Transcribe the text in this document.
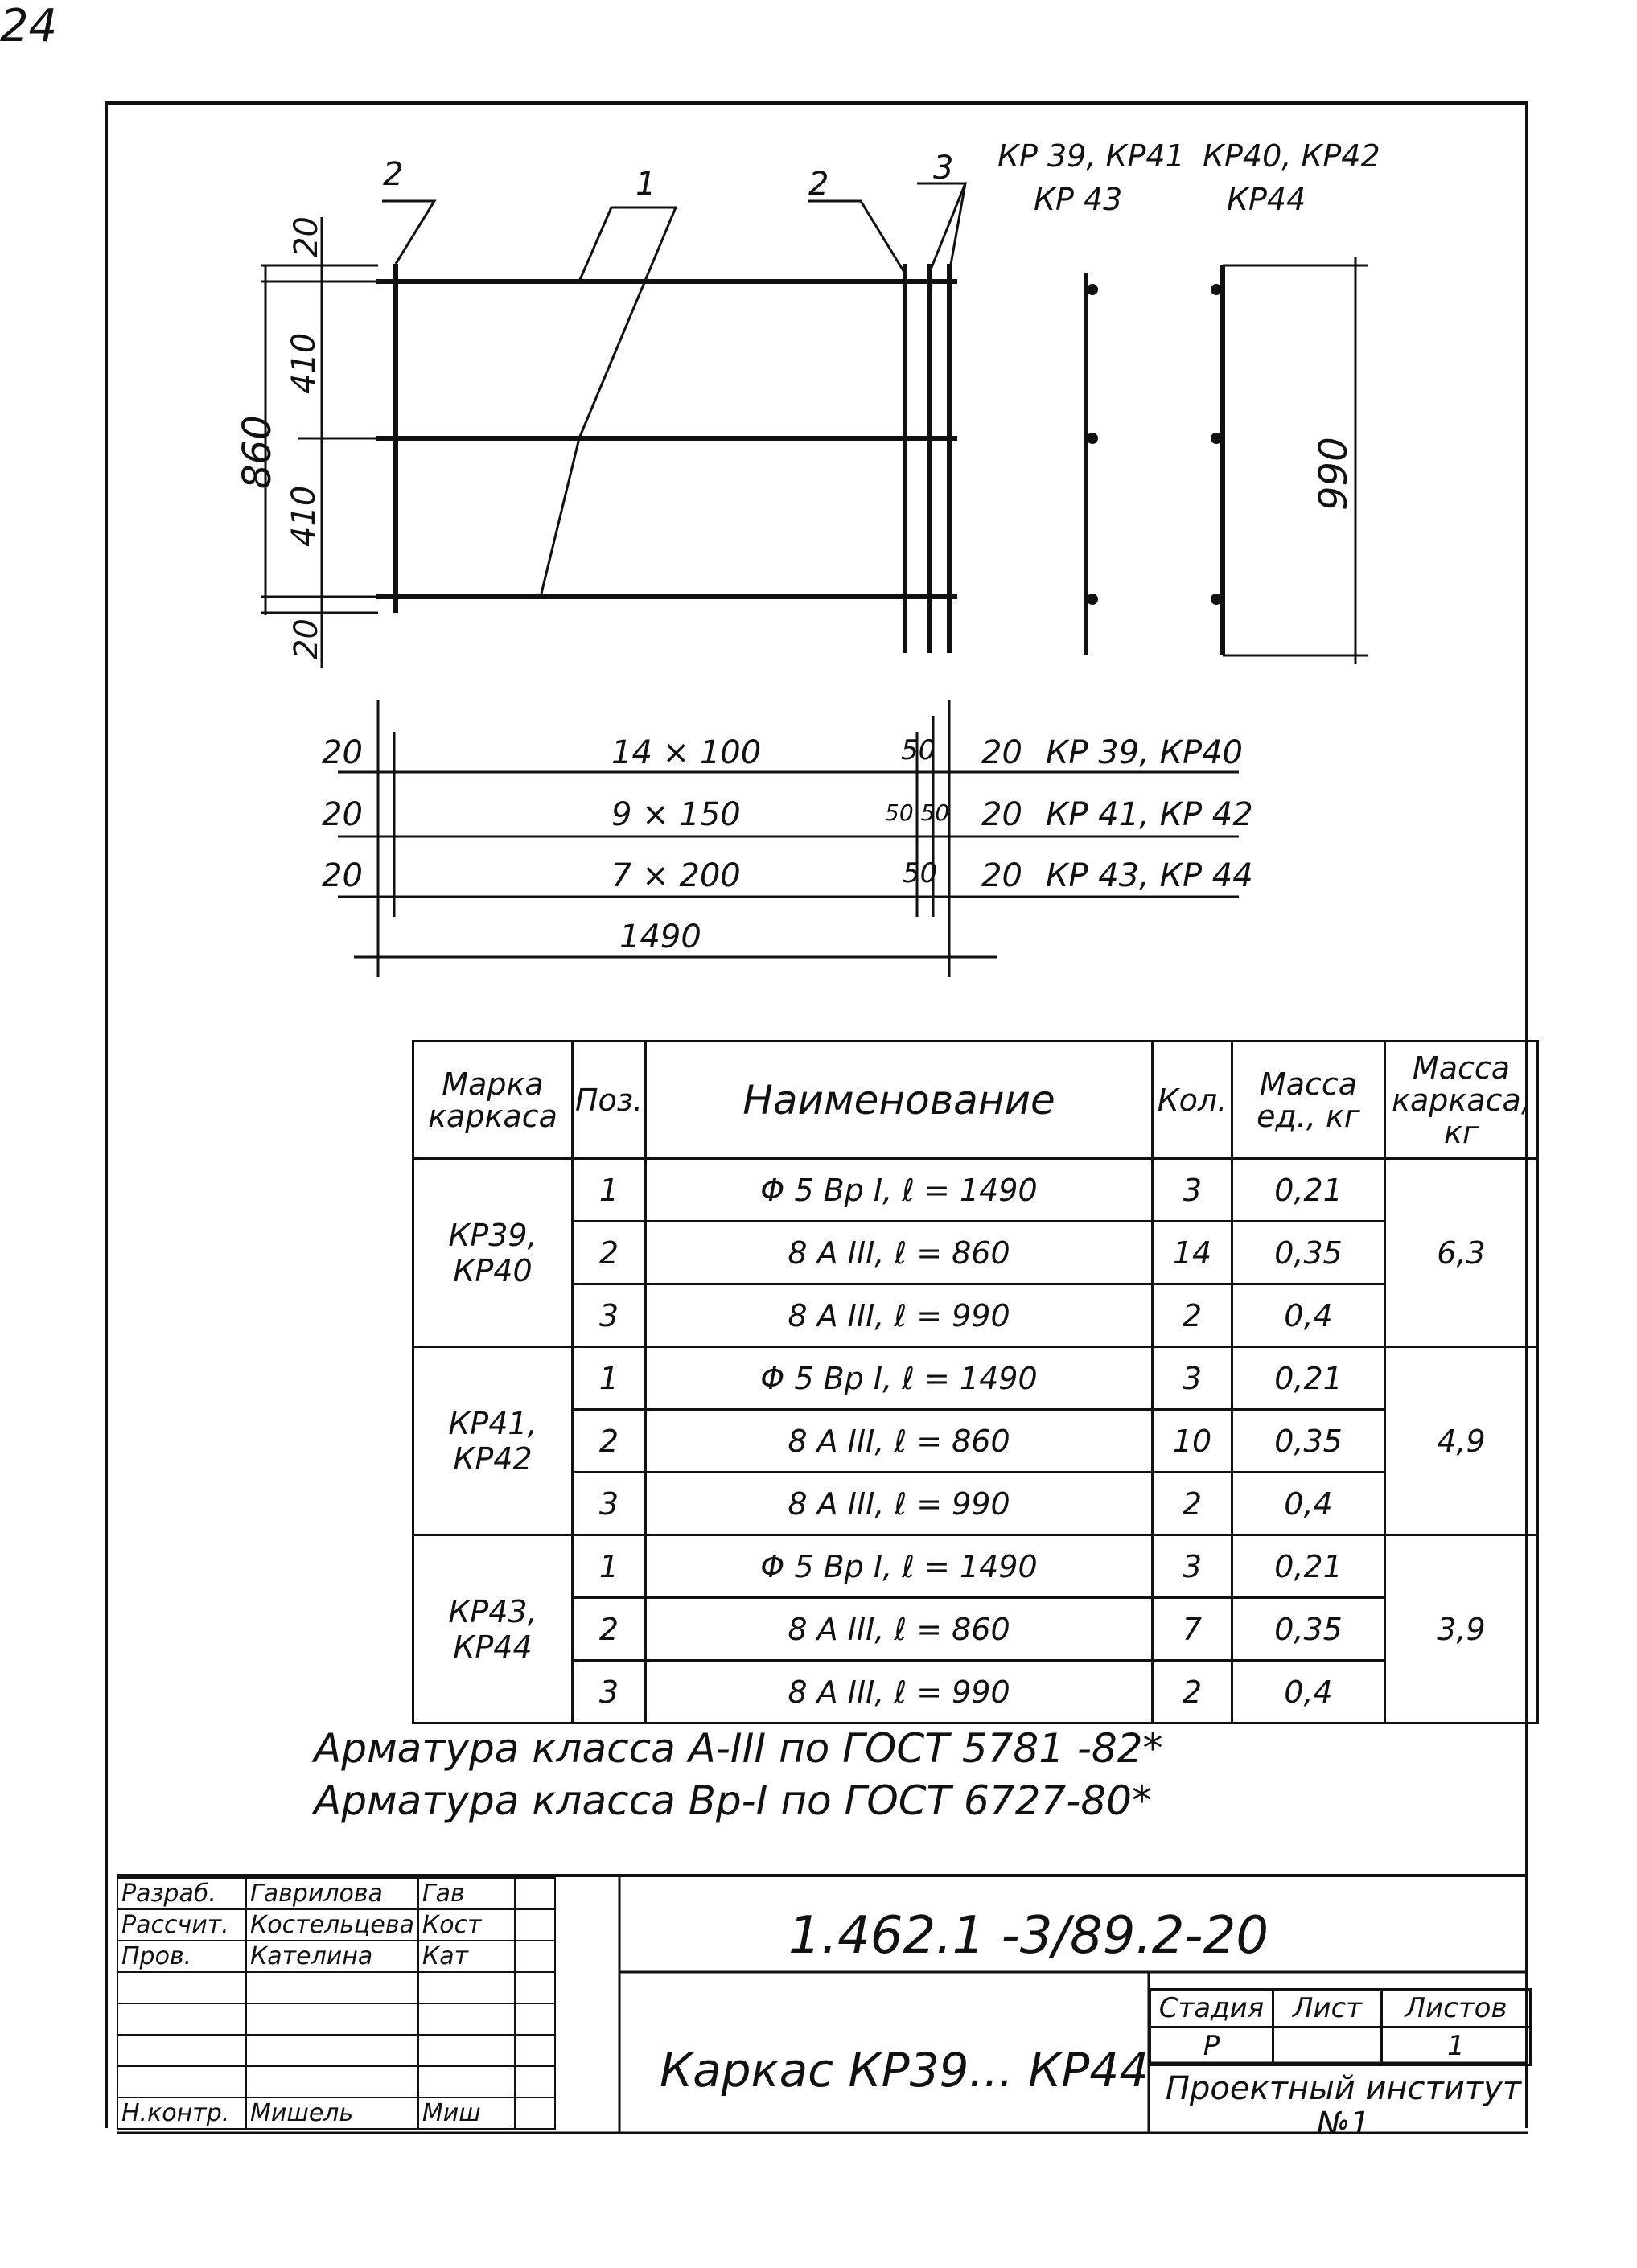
24
2	1	2	3 КР 39, КР41
КР 43
КР40, КР42
КР44
20
410
410
20
860	990
20	14 × 100	50 20 КР 39, КР40
20	9 × 150	50 50 20 КР 41, КР 42
20	7 × 200	50 20 КР 43, КР 44
1490
Марка каркаса	Поз.	Наименование	Кол.	Масса ед., кг	Масса каркаса, кг
КР39, КР40	1	Φ 5 Вр I, ℓ = 1490	3	0,21	6,3
	2	8 А III, ℓ = 860	14	0,35	
	3	8 А III, ℓ = 990	2	0,4	
КР41, КР42	1	Φ 5 Вр I, ℓ = 1490	3	0,21	4,9
	2	8 А III, ℓ = 860	10	0,35	
	3	8 А III, ℓ = 990	2	0,4	
КР43, КР44	1	Φ 5 Вр I, ℓ = 1490	3	0,21	3,9
	2	8 А III, ℓ = 860	7	0,35	
	3	8 А III, ℓ = 990	2	0,4	
Арматура класса А-III по ГОСТ 5781 -82*
Арматура класса Вр-I по ГОСТ 6727-80*
Разраб.	Гаврилова	Гав	
Рассчит.	Костельцева	Кост	
Пров.	Кателина	Кат	

Н.контр.	Мишель	Миш	
1.462.1 -3/89.2-20
Каркас КР39... КР44
Стадия	Лист	Листов
Р		1
Проектный институт №1
